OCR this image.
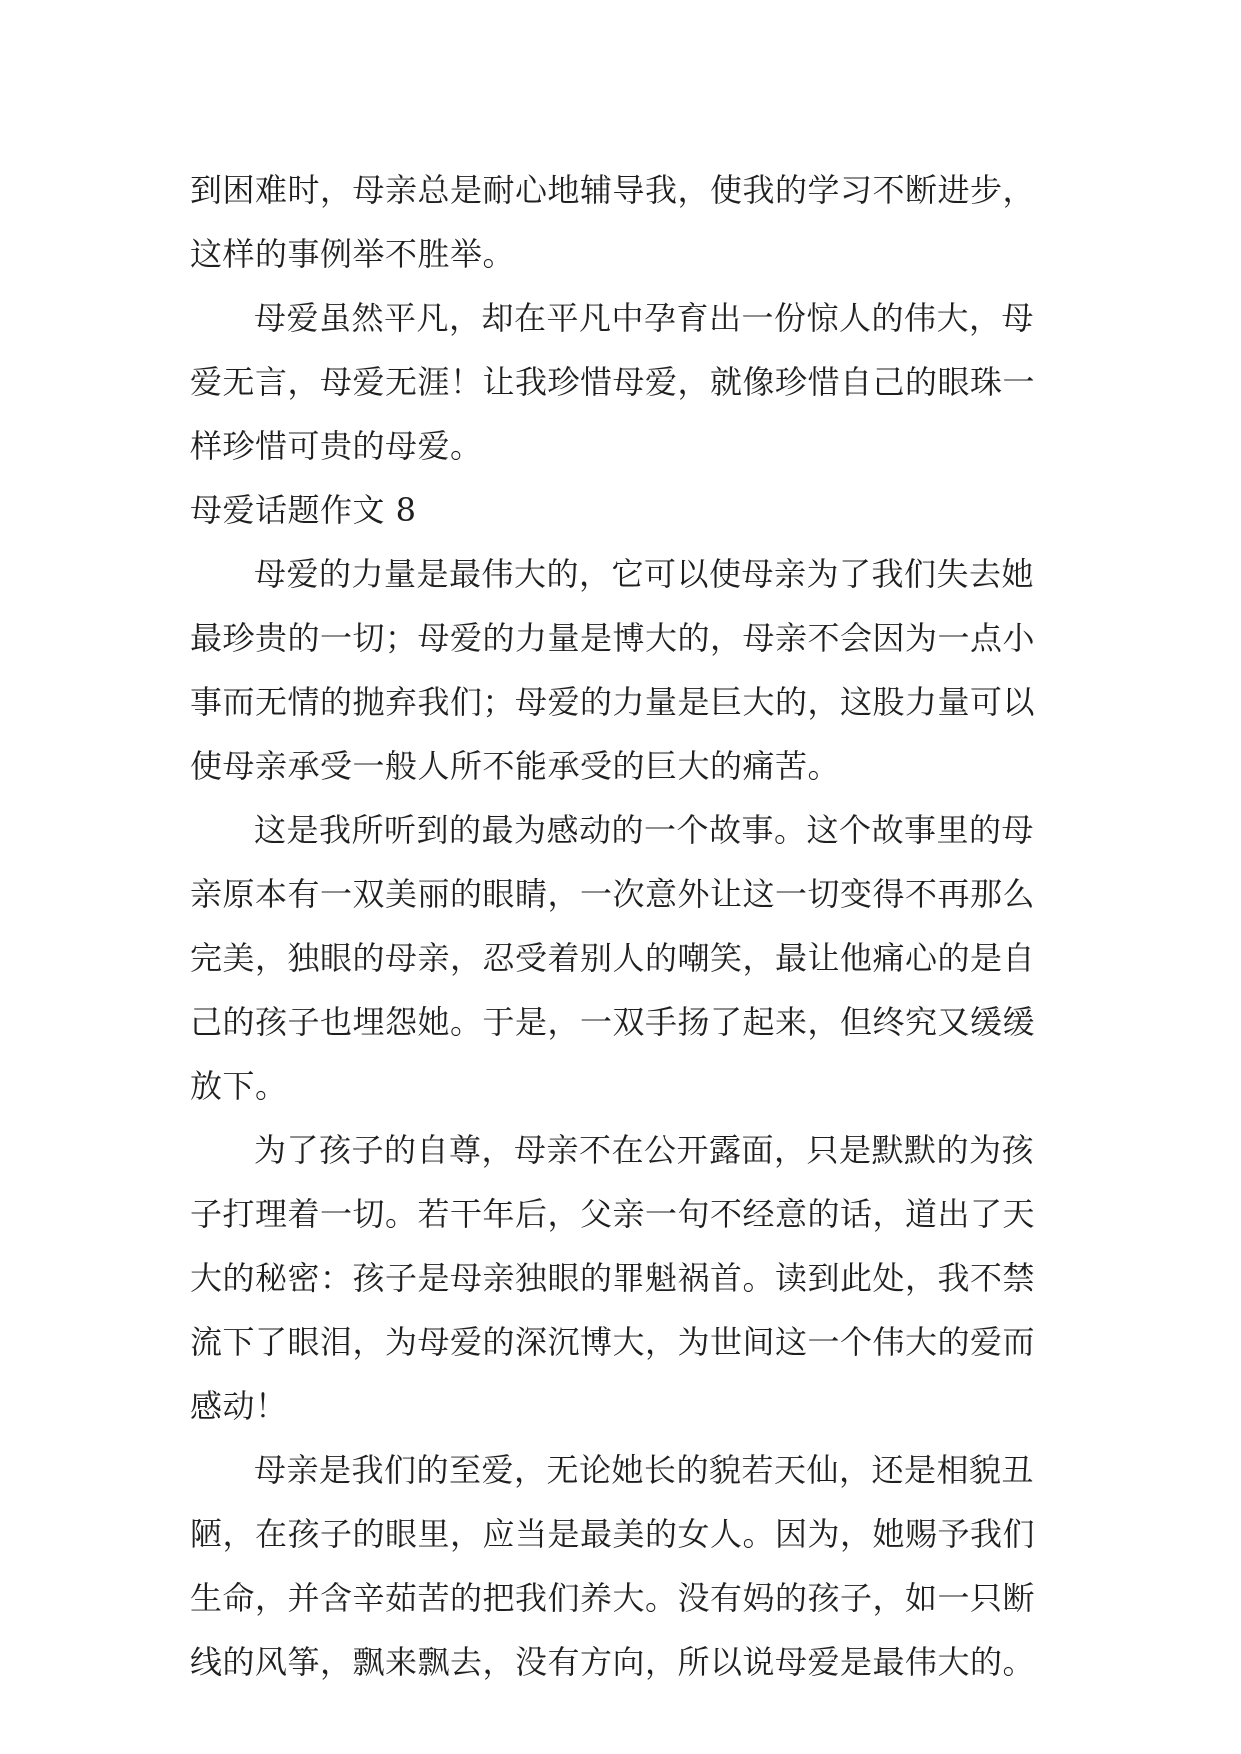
到困难时，母亲总是耐心地辅导我，使我的学习不断进步，
这样的事例举不胜举。
母爱虽然平凡，却在平凡中孕育出一份惊人的伟大，母
爱无言，母爱无涯！让我珍惜母爱，就像珍惜自己的眼珠一
样珍惜可贵的母爱。
母爱话题作文 8
母爱的力量是最伟大的，它可以使母亲为了我们失去她
最珍贵的一切；母爱的力量是博大的，母亲不会因为一点小
事而无情的抛弃我们；母爱的力量是巨大的，这股力量可以
使母亲承受一般人所不能承受的巨大的痛苦。
这是我所听到的最为感动的一个故事。这个故事里的母
亲原本有一双美丽的眼睛，一次意外让这一切变得不再那么
完美，独眼的母亲，忍受着别人的嘲笑，最让他痛心的是自
己的孩子也埋怨她。于是，一双手扬了起来，但终究又缓缓
放下。
为了孩子的自尊，母亲不在公开露面，只是默默的为孩
子打理着一切。若干年后，父亲一句不经意的话，道出了天
大的秘密：孩子是母亲独眼的罪魁祸首。读到此处，我不禁
流下了眼泪，为母爱的深沉博大，为世间这一个伟大的爱而
感动！
母亲是我们的至爱，无论她长的貌若天仙，还是相貌丑
陋，在孩子的眼里，应当是最美的女人。因为，她赐予我们
生命，并含辛茹苦的把我们养大。没有妈的孩子，如一只断
线的风筝，飘来飘去，没有方向，所以说母爱是最伟大的。
